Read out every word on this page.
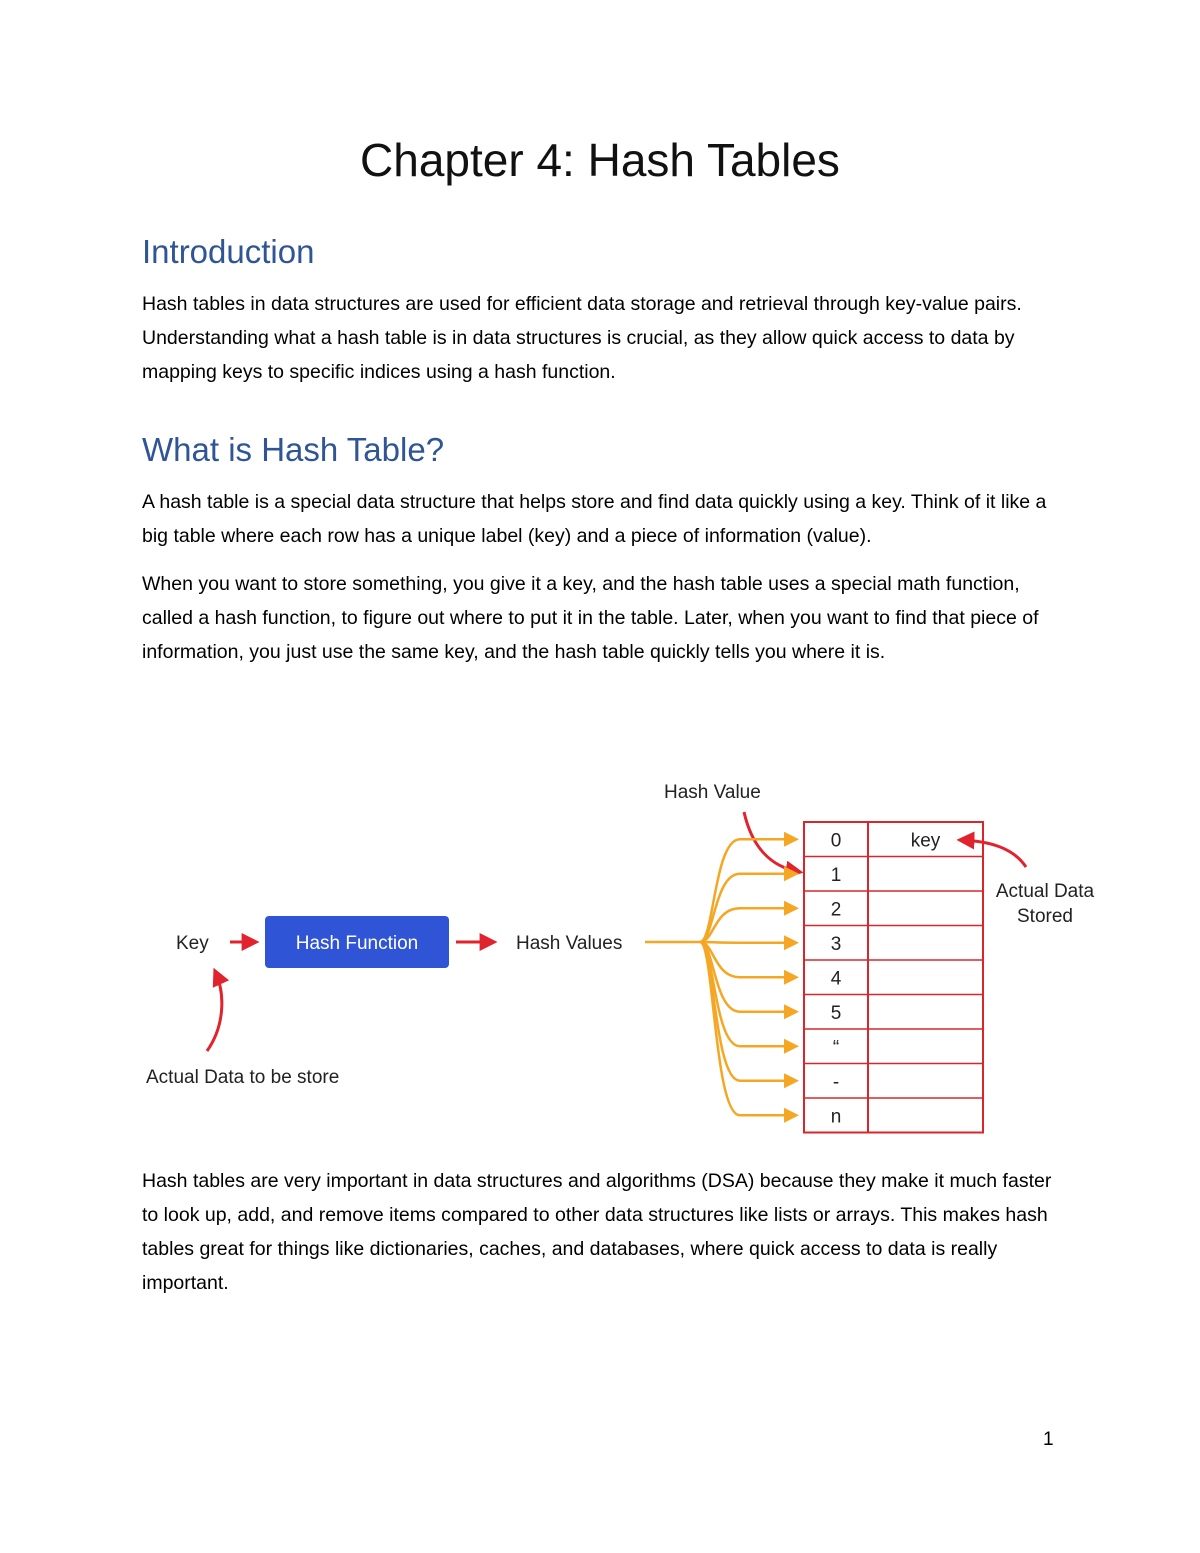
Chapter 4: Hash Tables
Introduction

Hash tables in data structures are used for efficient data storage and retrieval through key-value pairs. Understanding what a hash table is in data structures is crucial, as they allow quick access to data by mapping keys to specific indices using a hash function.

What is Hash Table?

A hash table is a special data structure that helps store and find data quickly using a key. Think of it like a big table where each row has a unique label (key) and a piece of information (value).

When you want to store something, you give it a key, and the hash table uses a special math function, called a hash function, to figure out where to put it in the table. Later, when you want to find that piece of information, you just use the same key, and the hash table quickly tells you where it is.

Key	Hash Function	Hash Values
Actual Data to be store
Hash Value
0	key
1
2
3
4
5
“
-
n
Actual Data
Stored

Hash tables are very important in data structures and algorithms (DSA) because they make it much faster to look up, add, and remove items compared to other data structures like lists or arrays. This makes hash tables great for things like dictionaries, caches, and databases, where quick access to data is really important.

1
